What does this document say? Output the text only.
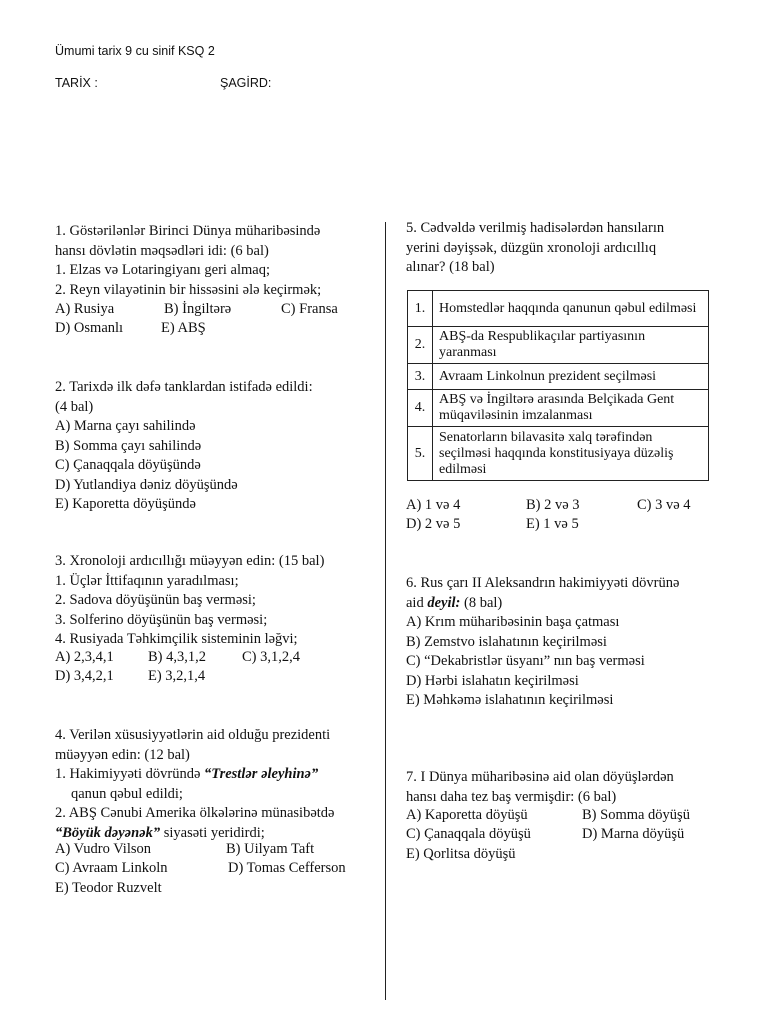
Ümumi tarix 9 cu sinif KSQ 2
TARİX :	ŞAGİRD:
1. Göstərilənlər Birinci Dünya müharibəsində
hansı dövlətin məqsədləri idi: (6 bal)
1. Elzas və Lotaringiyanı geri almaq;
2. Reyn vilayətinin bir hissəsini ələ keçirmək;
A) Rusiya	B) İngiltərə	C) Fransa
D) Osmanlı	E) ABŞ
2. Tarixdə ilk dəfə tanklardan istifadə edildi:
(4 bal)
A) Marna çayı sahilində
B) Somma çayı sahilində
C) Çanaqqala döyüşündə
D) Yutlandiya dəniz döyüşündə
E) Kaporetta döyüşündə
3. Xronoloji ardıcıllığı müəyyən edin: (15 bal)
1. Üçlər İttifaqının yaradılması;
2. Sadova döyüşünün baş verməsi;
3. Solferino döyüşünün baş verməsi;
4. Rusiyada Təhkimçilik sisteminin ləğvi;
A) 2,3,4,1 B) 4,3,1,2 C) 3,1,2,4
D) 3,4,2,1 E) 3,2,1,4
4. Verilən xüsusiyyətlərin aid olduğu prezidenti
müəyyən edin: (12 bal)
1. Hakimiyyəti dövründə “Trestlər əleyhinə”
qanun qəbul edildi;
2. ABŞ Cənubi Amerika ölkələrinə münasibətdə
“Böyük dəyənək” siyasəti yeridirdi;
A) Vudro Vilson	B) Uilyam Taft
C) Avraam Linkoln	D) Tomas Cefferson
E) Teodor Ruzvelt
5. Cədvəldə verilmiş hadisələrdən hansıların
yerini dəyişsək, düzgün xronoloji ardıcıllıq
alınar? (18 bal)
1.	Homstedlər haqqında qanunun qəbul edilməsi
2.	ABŞ-da Respublikaçılar partiyasının yaranması
3.	Avraam Linkolnun prezident seçilməsi
4.	ABŞ və İngiltərə arasında Belçikada Gent müqaviləsinin imzalanması
5.	Senatorların bilavasitə xalq tərəfindən seçilməsi haqqında konstitusiyaya düzəliş edilməsi
A) 1 və 4	B) 2 və 3	C) 3 və 4
D) 2 və 5	E) 1 və 5
6. Rus çarı II Aleksandrın hakimiyyəti dövrünə
aid deyil: (8 bal)
A) Krım müharibəsinin başa çatması
B) Zemstvo islahatının keçirilməsi
C) “Dekabristlər üsyanı” nın baş verməsi
D) Hərbi islahatın keçirilməsi
E) Məhkəmə islahatının keçirilməsi
7. I Dünya müharibəsinə aid olan döyüşlərdən
hansı daha tez baş vermişdir: (6 bal)
A) Kaporetta döyüşü	B) Somma döyüşü
C) Çanaqqala döyüşü	D) Marna döyüşü
E) Qorlitsa döyüşü
